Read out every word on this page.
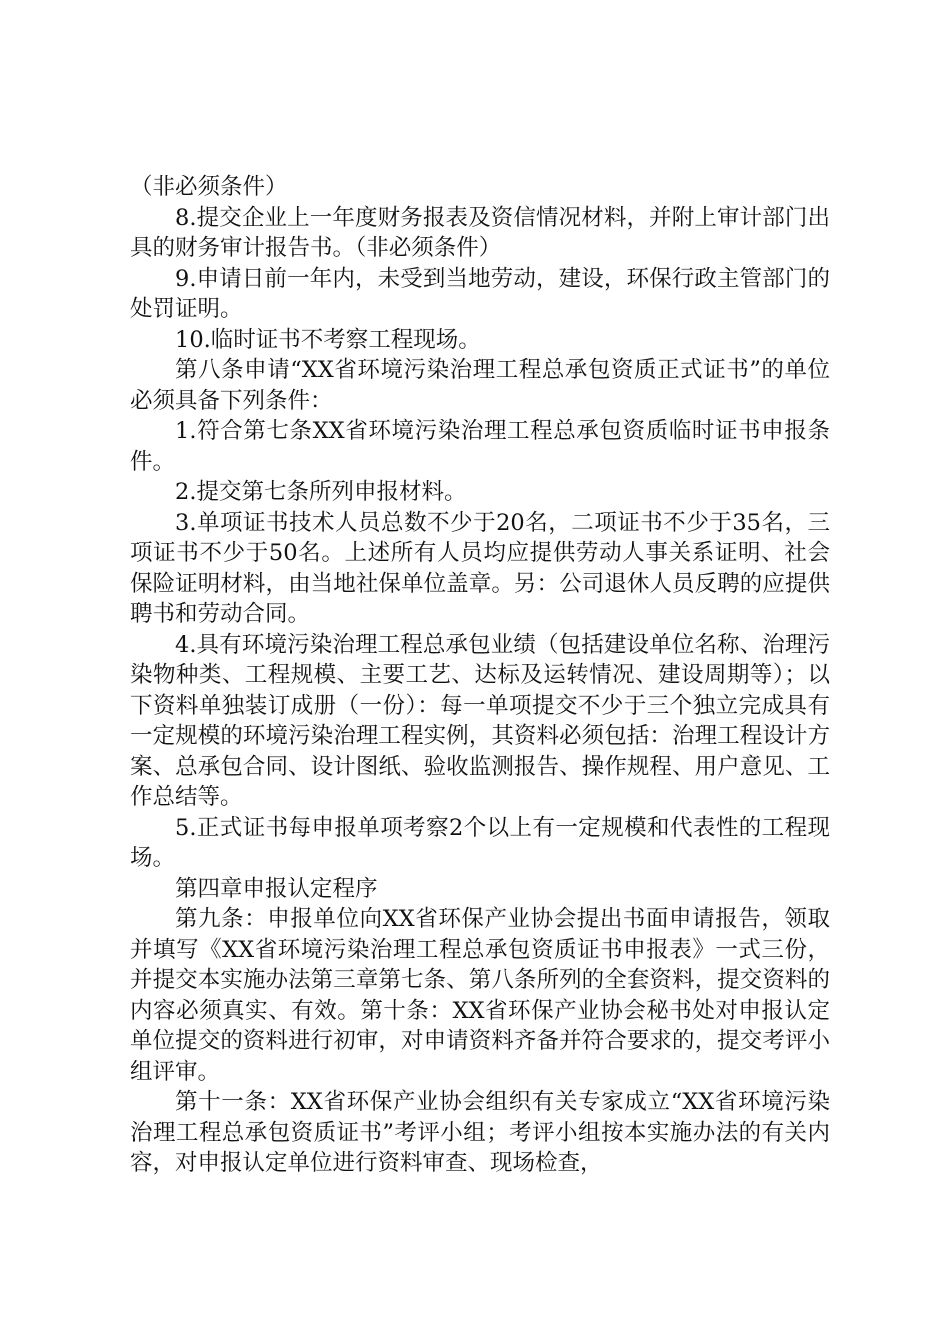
（非必须条件）

8.提交企业上一年度财务报表及资信情况材料，并附上审计部门出具的财务审计报告书。（非必须条件）

9.申请日前一年内，未受到当地劳动，建设，环保行政主管部门的处罚证明。

10.临时证书不考察工程现场。

第八条申请“XX省环境污染治理工程总承包资质正式证书”的单位必须具备下列条件：

1.符合第七条XX省环境污染治理工程总承包资质临时证书申报条件。

2.提交第七条所列申报材料。

3.单项证书技术人员总数不少于20名，二项证书不少于35名，三项证书不少于50名。上述所有人员均应提供劳动人事关系证明、社会保险证明材料，由当地社保单位盖章。另：公司退休人员反聘的应提供聘书和劳动合同。

4.具有环境污染治理工程总承包业绩（包括建设单位名称、治理污染物种类、工程规模、主要工艺、达标及运转情况、建设周期等）；以下资料单独装订成册（一份）：每一单项提交不少于三个独立完成具有一定规模的环境污染治理工程实例，其资料必须包括：治理工程设计方案、总承包合同、设计图纸、验收监测报告、操作规程、用户意见、工作总结等。

5.正式证书每申报单项考察2个以上有一定规模和代表性的工程现场。

第四章申报认定程序

第九条：申报单位向XX省环保产业协会提出书面申请报告，领取并填写《XX省环境污染治理工程总承包资质证书申报表》一式三份，并提交本实施办法第三章第七条、第八条所列的全套资料，提交资料的内容必须真实、有效。第十条：XX省环保产业协会秘书处对申报认定单位提交的资料进行初审，对申请资料齐备并符合要求的，提交考评小组评审。

第十一条：XX省环保产业协会组织有关专家成立“XX省环境污染治理工程总承包资质证书”考评小组；考评小组按本实施办法的有关内容，对申报认定单位进行资料审查、现场检查，
